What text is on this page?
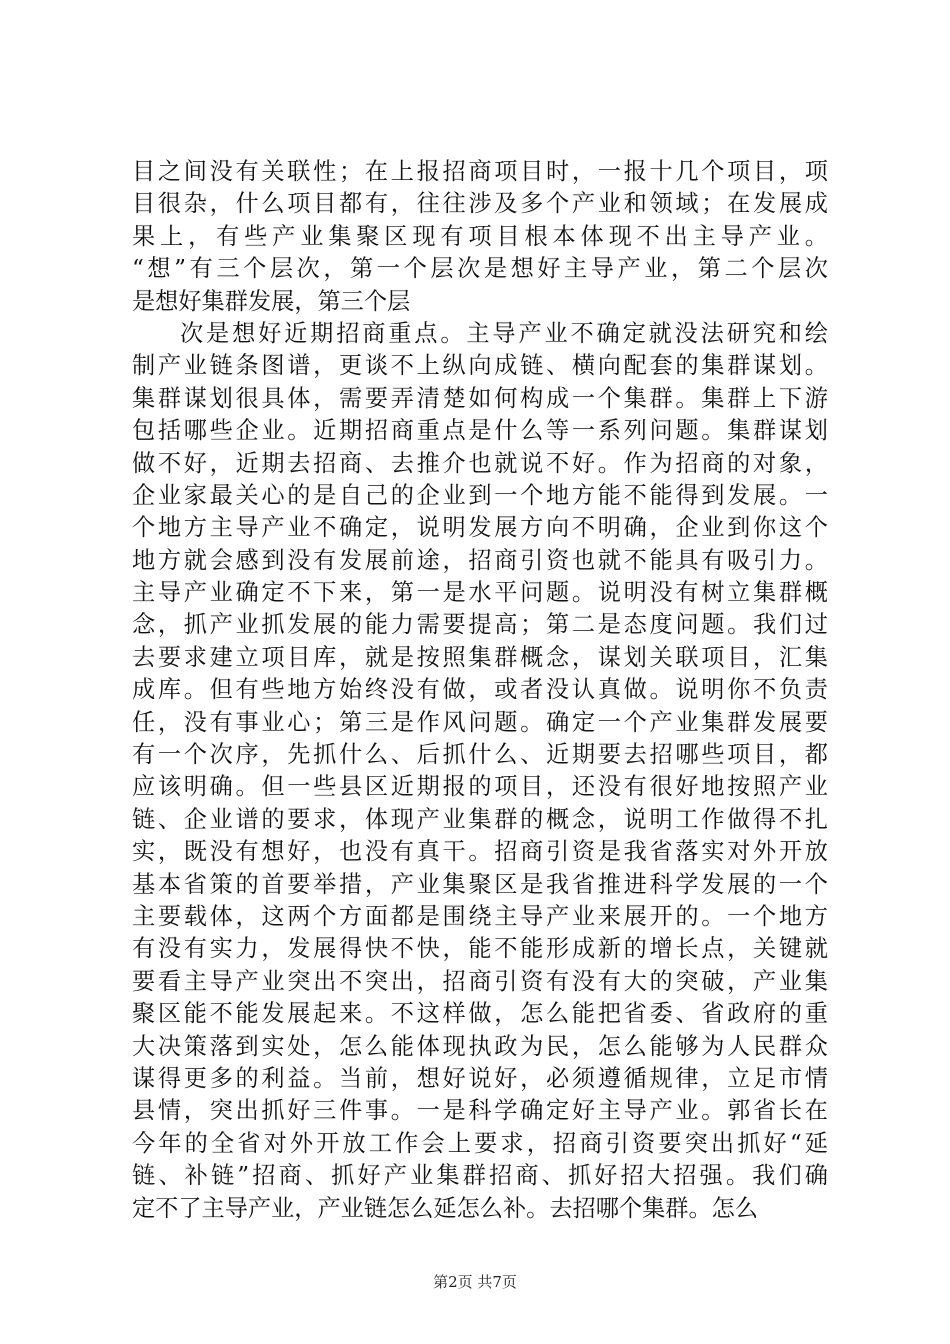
目之间没有关联性；在上报招商项目时，一报十几个项目，项
目很杂，什么项目都有，往往涉及多个产业和领域；在发展成
果上，有些产业集聚区现有项目根本体现不出主导产业。
“想”有三个层次，第一个层次是想好主导产业，第二个层次
是想好集群发展，第三个层
次是想好近期招商重点。主导产业不确定就没法研究和绘
制产业链条图谱，更谈不上纵向成链、横向配套的集群谋划。
集群谋划很具体，需要弄清楚如何构成一个集群。集群上下游
包括哪些企业。近期招商重点是什么等一系列问题。集群谋划
做不好，近期去招商、去推介也就说不好。作为招商的对象，
企业家最关心的是自己的企业到一个地方能不能得到发展。一
个地方主导产业不确定，说明发展方向不明确，企业到你这个
地方就会感到没有发展前途，招商引资也就不能具有吸引力。
主导产业确定不下来，第一是水平问题。说明没有树立集群概
念，抓产业抓发展的能力需要提高；第二是态度问题。我们过
去要求建立项目库，就是按照集群概念，谋划关联项目，汇集
成库。但有些地方始终没有做，或者没认真做。说明你不负责
任，没有事业心；第三是作风问题。确定一个产业集群发展要
有一个次序，先抓什么、后抓什么、近期要去招哪些项目，都
应该明确。但一些县区近期报的项目，还没有很好地按照产业
链、企业谱的要求，体现产业集群的概念，说明工作做得不扎
实，既没有想好，也没有真干。招商引资是我省落实对外开放
基本省策的首要举措，产业集聚区是我省推进科学发展的一个
主要载体，这两个方面都是围绕主导产业来展开的。一个地方
有没有实力，发展得快不快，能不能形成新的增长点，关键就
要看主导产业突出不突出，招商引资有没有大的突破，产业集
聚区能不能发展起来。不这样做，怎么能把省委、省政府的重
大决策落到实处，怎么能体现执政为民，怎么能够为人民群众
谋得更多的利益。当前，想好说好，必须遵循规律，立足市情
县情，突出抓好三件事。一是科学确定好主导产业。郭省长在
今年的全省对外开放工作会上要求，招商引资要突出抓好“延
链、补链”招商、抓好产业集群招商、抓好招大招强。我们确
定不了主导产业，产业链怎么延怎么补。去招哪个集群。怎么
第2页 共7页
